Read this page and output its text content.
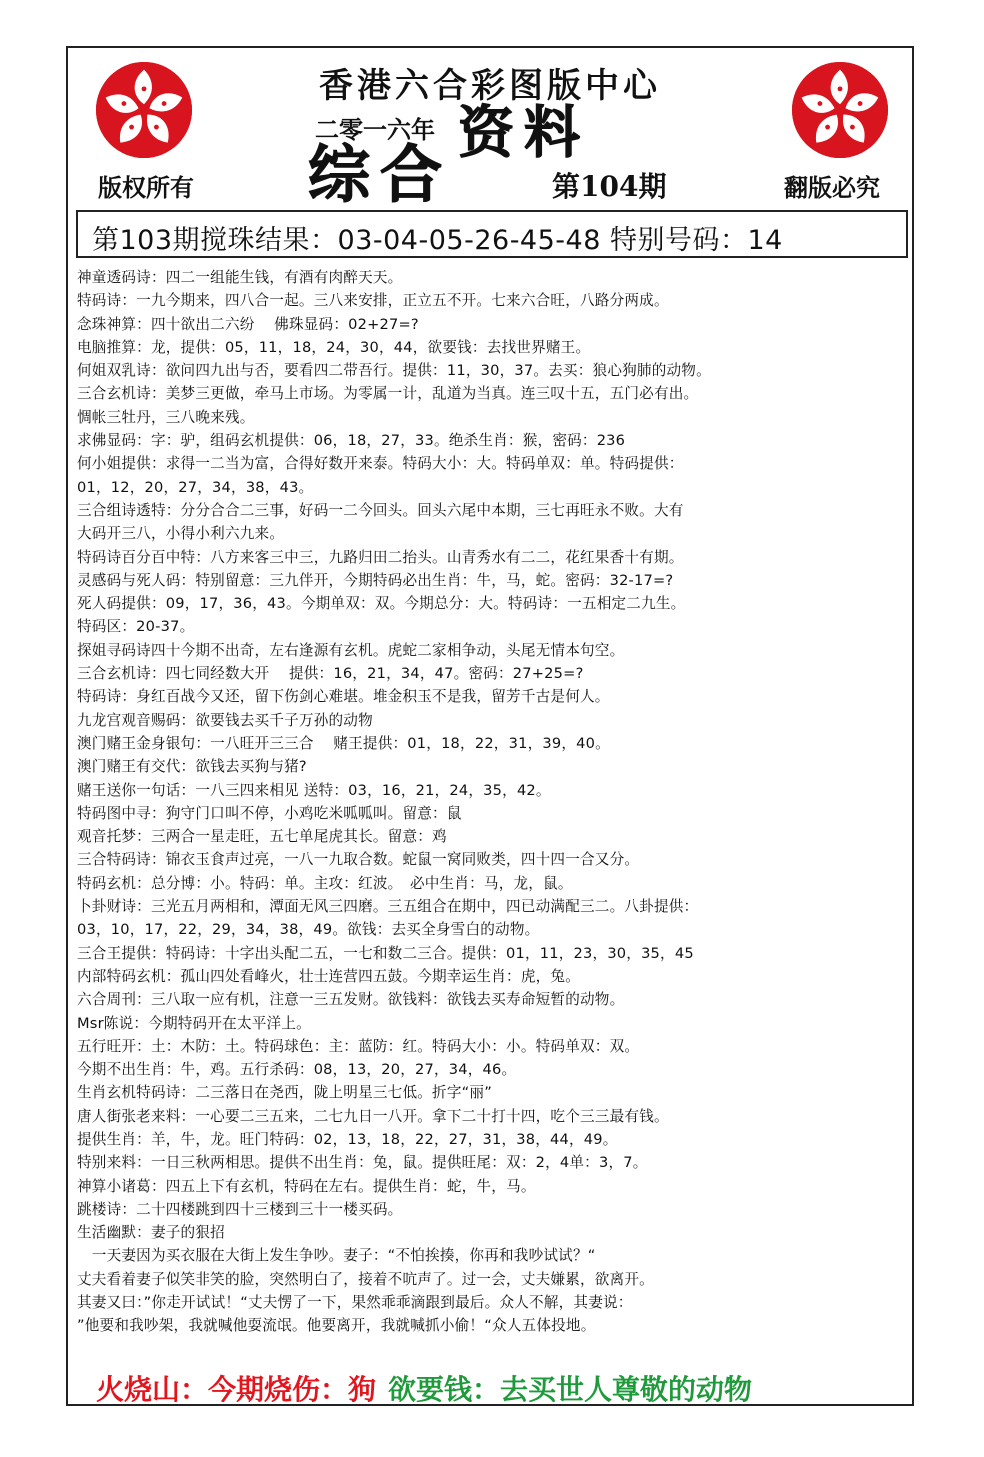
香港六合彩图版中心
二零一六年
综合资料
版权所有	翻版必究
第104期
第103期搅珠结果：03-04-05-26-45-48 特别号码：14
神童透码诗：四二一组能生钱，有酒有肉醉天天。
特码诗：一九今期来，四八合一起。三八来安排，正立五不开。七来六合旺，八路分两成。
念珠神算：四十欲出二六纷　 佛珠显码：02+27=?
电脑推算：龙，提供：05，11，18，24，30，44，欲要钱：去找世界赌王。
何姐双乳诗：欲问四九出与否，要看四二带吾行。提供：11，30，37。去买：狼心狗肺的动物。
三合玄机诗：美梦三更做，牵马上市场。为零属一计，乱道为当真。连三叹十五，五门必有出。
惆帐三牡丹，三八晚来残。
求佛显码：字：驴，组码玄机提供：06，18，27，33。绝杀生肖：猴，密码：236
何小姐提供：求得一二当为富，合得好数开来泰。特码大小：大。特码单双：单。特码提供：
01，12，20，27，34，38，43。
三合组诗透特：分分合合二三事，好码一二今回头。回头六尾中本期，三七再旺永不败。大有
大码开三八，小得小利六九来。
特码诗百分百中特：八方来客三中三，九路归田二抬头。山青秀水有二二，花红果香十有期。
灵感码与死人码：特别留意：三九伴开，今期特码必出生肖：牛，马，蛇。密码：32-17=?
死人码提供：09，17，36，43。今期单双：双。今期总分：大。特码诗：一五相定二九生。
特码区：20-37。
探姐寻码诗四十今期不出奇，左右逢源有玄机。虎蛇二家相争动，头尾无情本句空。
三合玄机诗：四七同经数大开　 提供：16，21，34，47。密码：27+25=?
特码诗：身红百战今又还，留下伤剑心难堪。堆金积玉不是我，留芳千古是何人。
九龙宫观音赐码：欲要钱去买千子万孙的动物
澳门赌王金身银句：一八旺开三三合　 赌王提供：01，18，22，31，39，40。
澳门赌王有交代：欲钱去买狗与猪?
赌王送你一句话：一八三四来相见 送特：03，16，21，24，35，42。
特码图中寻：狗守门口叫不停，小鸡吃米呱呱叫。留意：鼠
观音托梦：三两合一星走旺，五七单尾虎其长。留意：鸡
三合特码诗：锦衣玉食声过亮，一八一九取合数。蛇鼠一窝同败类，四十四一合又分。
特码玄机：总分博：小。特码：单。主攻：红波。　必中生肖：马，龙，鼠。
卜卦财诗：三光五月两相和，潭面无风三四磨。三五组合在期中，四已动满配三二。八卦提供：
03，10，17，22，29，34，38，49。欲钱：去买全身雪白的动物。
三合王提供：特码诗：十字出头配二五，一七和数二三合。提供：01，11，23，30，35，45
内部特码玄机：孤山四处看峰火，壮士连营四五鼓。今期幸运生肖：虎，兔。
六合周刊：三八取一应有机，注意一三五发财。欲钱料：欲钱去买寿命短暂的动物。
Msr陈说：今期特码开在太平洋上。
五行旺开：土：木防：土。特码球色：主：蓝防：红。特码大小：小。特码单双：双。
今期不出生肖：牛，鸡。五行杀码：08，13，20，27，34，46。
生肖玄机特码诗：二三落日在尧西，陇上明星三七低。折字“丽”
唐人街张老来料：一心要二三五来，二七九日一八开。拿下二十打十四，吃个三三最有钱。
提供生肖：羊，牛，龙。旺门特码：02，13，18，22，27，31，38，44，49。
特别来料：一日三秋两相思。提供不出生肖：兔，鼠。提供旺尾：双：2，4单：3，7。
神算小诸葛：四五上下有玄机，特码在左右。提供生肖：蛇，牛，马。
跳楼诗：二十四楼跳到四十三楼到三十一楼买码。
生活幽默：妻子的狠招
　一天妻因为买衣服在大街上发生争吵。妻子：“不怕挨揍，你再和我吵试试？“
丈夫看着妻子似笑非笑的脸，突然明白了，接着不吭声了。过一会，丈夫嫌累，欲离开。
其妻又曰：”你走开试试！“丈夫愣了一下，果然乖乖滴跟到最后。众人不解，其妻说：
”他要和我吵架，我就喊他耍流氓。他要离开，我就喊抓小偷！“众人五体投地。
火烧山：今期烧伤：狗 欲要钱：去买世人尊敬的动物
